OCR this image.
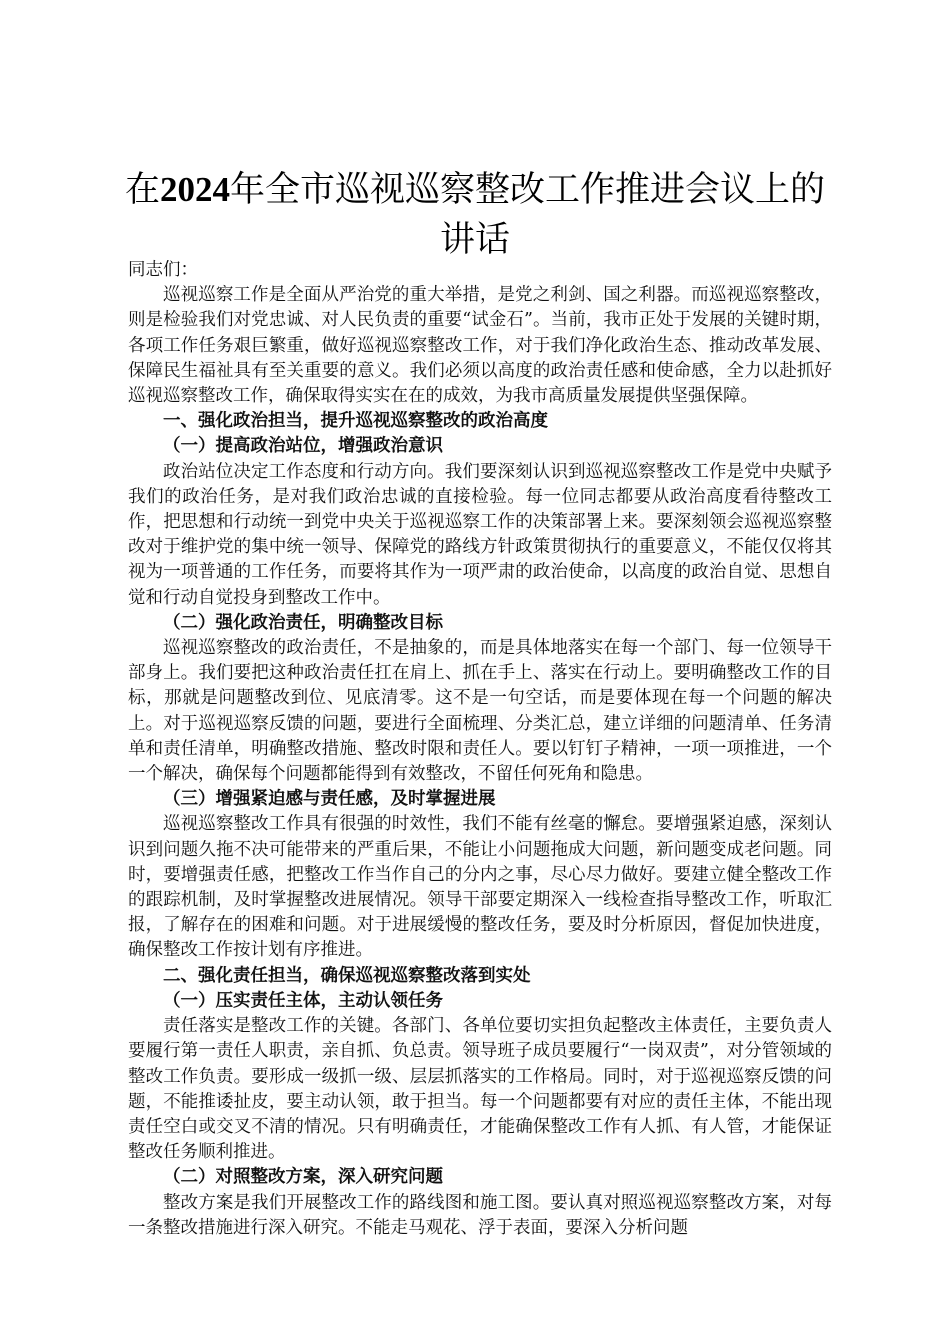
在2024年全市巡视巡察整改工作推进会议上的讲话

同志们：

巡视巡察工作是全面从严治党的重大举措，是党之利剑、国之利器。而巡视巡察整改，则是检验我们对党忠诚、对人民负责的重要“试金石”。当前，我市正处于发展的关键时期，各项工作任务艰巨繁重，做好巡视巡察整改工作，对于我们净化政治生态、推动改革发展、保障民生福祉具有至关重要的意义。我们必须以高度的政治责任感和使命感，全力以赴抓好巡视巡察整改工作，确保取得实实在在的成效，为我市高质量发展提供坚强保障。

一、强化政治担当，提升巡视巡察整改的政治高度

（一）提高政治站位，增强政治意识

政治站位决定工作态度和行动方向。我们要深刻认识到巡视巡察整改工作是党中央赋予我们的政治任务，是对我们政治忠诚的直接检验。每一位同志都要从政治高度看待整改工作，把思想和行动统一到党中央关于巡视巡察工作的决策部署上来。要深刻领会巡视巡察整改对于维护党的集中统一领导、保障党的路线方针政策贯彻执行的重要意义，不能仅仅将其视为一项普通的工作任务，而要将其作为一项严肃的政治使命，以高度的政治自觉、思想自觉和行动自觉投身到整改工作中。

（二）强化政治责任，明确整改目标

巡视巡察整改的政治责任，不是抽象的，而是具体地落实在每一个部门、每一位领导干部身上。我们要把这种政治责任扛在肩上、抓在手上、落实在行动上。要明确整改工作的目标，那就是问题整改到位、见底清零。这不是一句空话，而是要体现在每一个问题的解决上。对于巡视巡察反馈的问题，要进行全面梳理、分类汇总，建立详细的问题清单、任务清单和责任清单，明确整改措施、整改时限和责任人。要以钉钉子精神，一项一项推进，一个一个解决，确保每个问题都能得到有效整改，不留任何死角和隐患。

（三）增强紧迫感与责任感，及时掌握进展

巡视巡察整改工作具有很强的时效性，我们不能有丝毫的懈怠。要增强紧迫感，深刻认识到问题久拖不决可能带来的严重后果，不能让小问题拖成大问题，新问题变成老问题。同时，要增强责任感，把整改工作当作自己的分内之事，尽心尽力做好。要建立健全整改工作的跟踪机制，及时掌握整改进展情况。领导干部要定期深入一线检查指导整改工作，听取汇报，了解存在的困难和问题。对于进展缓慢的整改任务，要及时分析原因，督促加快进度，确保整改工作按计划有序推进。

二、强化责任担当，确保巡视巡察整改落到实处

（一）压实责任主体，主动认领任务

责任落实是整改工作的关键。各部门、各单位要切实担负起整改主体责任，主要负责人要履行第一责任人职责，亲自抓、负总责。领导班子成员要履行“一岗双责”，对分管领域的整改工作负责。要形成一级抓一级、层层抓落实的工作格局。同时，对于巡视巡察反馈的问题，不能推诿扯皮，要主动认领，敢于担当。每一个问题都要有对应的责任主体，不能出现责任空白或交叉不清的情况。只有明确责任，才能确保整改工作有人抓、有人管，才能保证整改任务顺利推进。

（二）对照整改方案，深入研究问题

整改方案是我们开展整改工作的路线图和施工图。要认真对照巡视巡察整改方案，对每一条整改措施进行深入研究。不能走马观花、浮于表面，要深入分析问题
